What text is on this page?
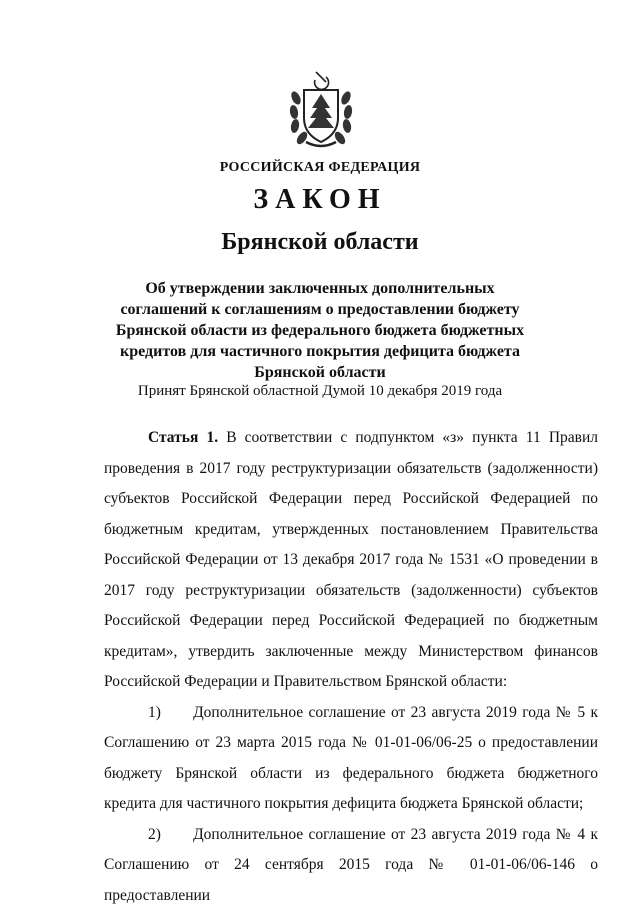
РОССИЙСКАЯ ФЕДЕРАЦИЯ
ЗАКОН
Брянской области
Об утверждении заключенных дополнительных соглашений к соглашениям о предоставлении бюджету Брянской области из федерального бюджета бюджетных кредитов для частичного покрытия дефицита бюджета Брянской области
Принят Брянской областной Думой 10 декабря 2019 года

Статья 1. В соответствии с подпунктом «з» пункта 11 Правил проведения в 2017 году реструктуризации обязательств (задолженности) субъектов Российской Федерации перед Российской Федерацией по бюджетным кредитам, утвержденных постановлением Правительства Российской Федерации от 13 декабря 2017 года № 1531 «О проведении в 2017 году реструктуризации обязательств (задолженности) субъектов Российской Федерации перед Российской Федерацией по бюджетным кредитам», утвердить заключенные между Министерством финансов Российской Федерации и Правительством Брянской области:

1) Дополнительное соглашение от 23 августа 2019 года № 5 к Соглашению от 23 марта 2015 года № 01-01-06/06-25 о предоставлении бюджету Брянской области из федерального бюджета бюджетного кредита для частичного покрытия дефицита бюджета Брянской области;

2) Дополнительное соглашение от 23 августа 2019 года № 4 к Соглашению от 24 сентября 2015 года № 01-01-06/06-146 о предоставлении
